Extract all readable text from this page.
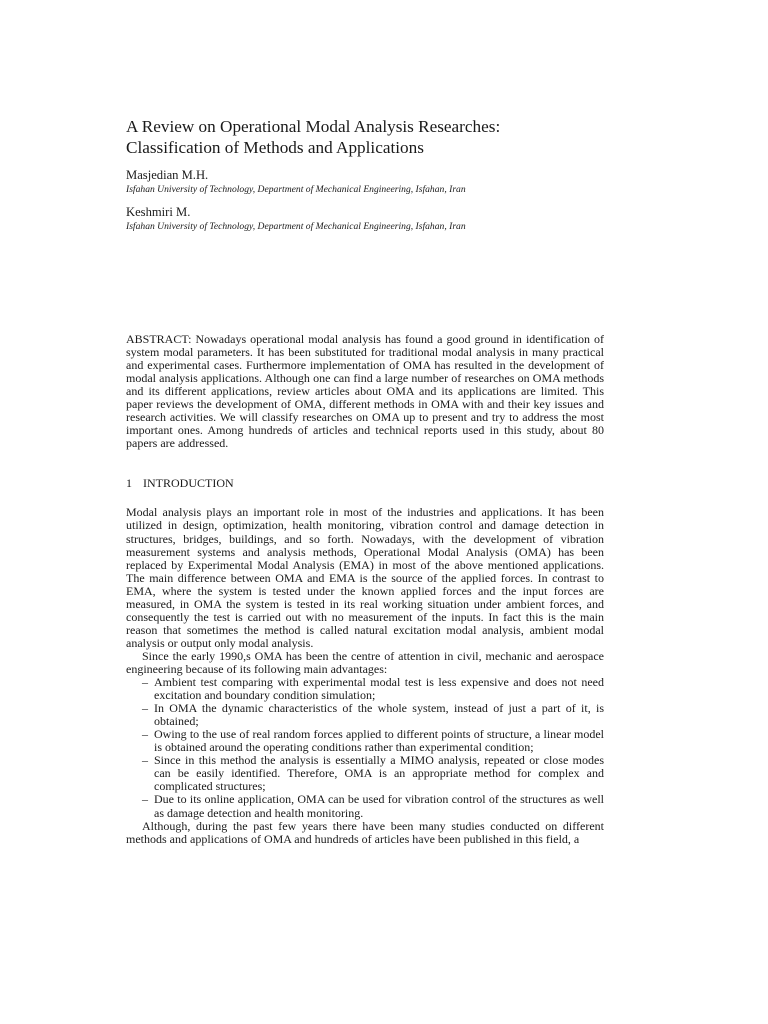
A Review on Operational Modal Analysis Researches:
Classification of Methods and Applications

Masjedian M.H.

Isfahan University of Technology, Department of Mechanical Engineering, Isfahan, Iran

Keshmiri M.

Isfahan University of Technology, Department of Mechanical Engineering, Isfahan, Iran

ABSTRACT: Nowadays operational modal analysis has found a good ground in identification of system modal parameters. It has been substituted for traditional modal analysis in many practical and experimental cases. Furthermore implementation of OMA has resulted in the development of modal analysis applications. Although one can find a large number of researches on OMA methods and its different applications, review articles about OMA and its applications are limited. This paper reviews the development of OMA, different methods in OMA with and their key issues and research activities. We will classify researches on OMA up to present and try to address the most important ones. Among hundreds of articles and technical reports used in this study, about 80 papers are addressed.

1 INTRODUCTION

Modal analysis plays an important role in most of the industries and applications. It has been utilized in design, optimization, health monitoring, vibration control and damage detection in structures, bridges, buildings, and so forth. Nowadays, with the development of vibration measurement systems and analysis methods, Operational Modal Analysis (OMA) has been replaced by Experimental Modal Analysis (EMA) in most of the above mentioned applications. The main difference between OMA and EMA is the source of the applied forces. In contrast to EMA, where the system is tested under the known applied forces and the input forces are measured, in OMA the system is tested in its real working situation under ambient forces, and consequently the test is carried out with no measurement of the inputs. In fact this is the main reason that sometimes the method is called natural excitation modal analysis, ambient modal analysis or output only modal analysis.

Since the early 1990,s OMA has been the centre of attention in civil, mechanic and aerospace engineering because of its following main advantages:

– Ambient test comparing with experimental modal test is less expensive and does not need excitation and boundary condition simulation;
– In OMA the dynamic characteristics of the whole system, instead of just a part of it, is obtained;
– Owing to the use of real random forces applied to different points of structure, a linear model is obtained around the operating conditions rather than experimental condition;
– Since in this method the analysis is essentially a MIMO analysis, repeated or close modes can be easily identified. Therefore, OMA is an appropriate method for complex and complicated structures;
– Due to its online application, OMA can be used for vibration control of the structures as well as damage detection and health monitoring.

Although, during the past few years there have been many studies conducted on different methods and applications of OMA and hundreds of articles have been published in this field, a
